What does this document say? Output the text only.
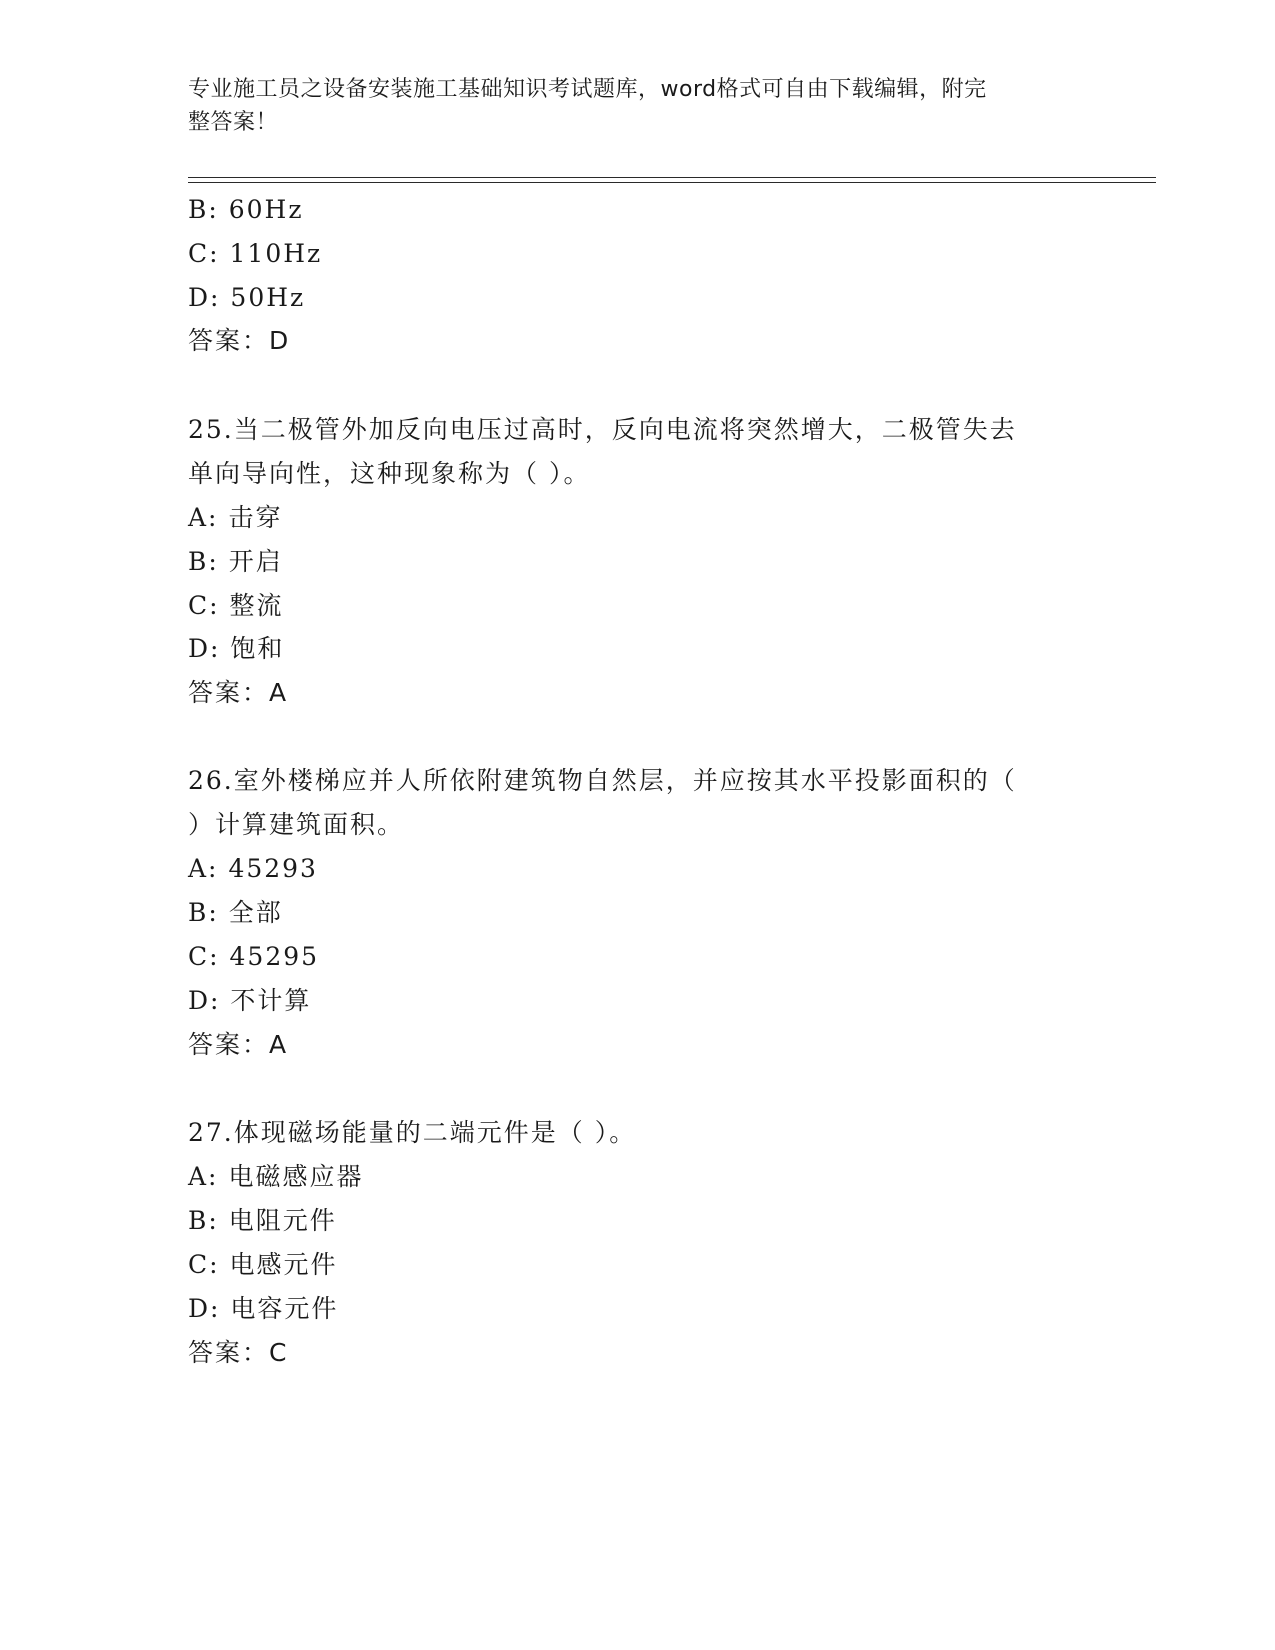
专业施工员之设备安装施工基础知识考试题库，word格式可自由下载编辑，附完
整答案！
B: 60Hz
C: 110Hz
D: 50Hz
答案：D
25.当二极管外加反向电压过高时，反向电流将突然增大，二极管失去
单向导向性，这种现象称为（ ）。
A: 击穿
B: 开启
C: 整流
D: 饱和
答案：A
26.室外楼梯应并人所依附建筑物自然层，并应按其水平投影面积的（
）计算建筑面积。
A: 45293
B: 全部
C: 45295
D: 不计算
答案：A
27.体现磁场能量的二端元件是（ ）。
A: 电磁感应器
B: 电阻元件
C: 电感元件
D: 电容元件
答案：C
